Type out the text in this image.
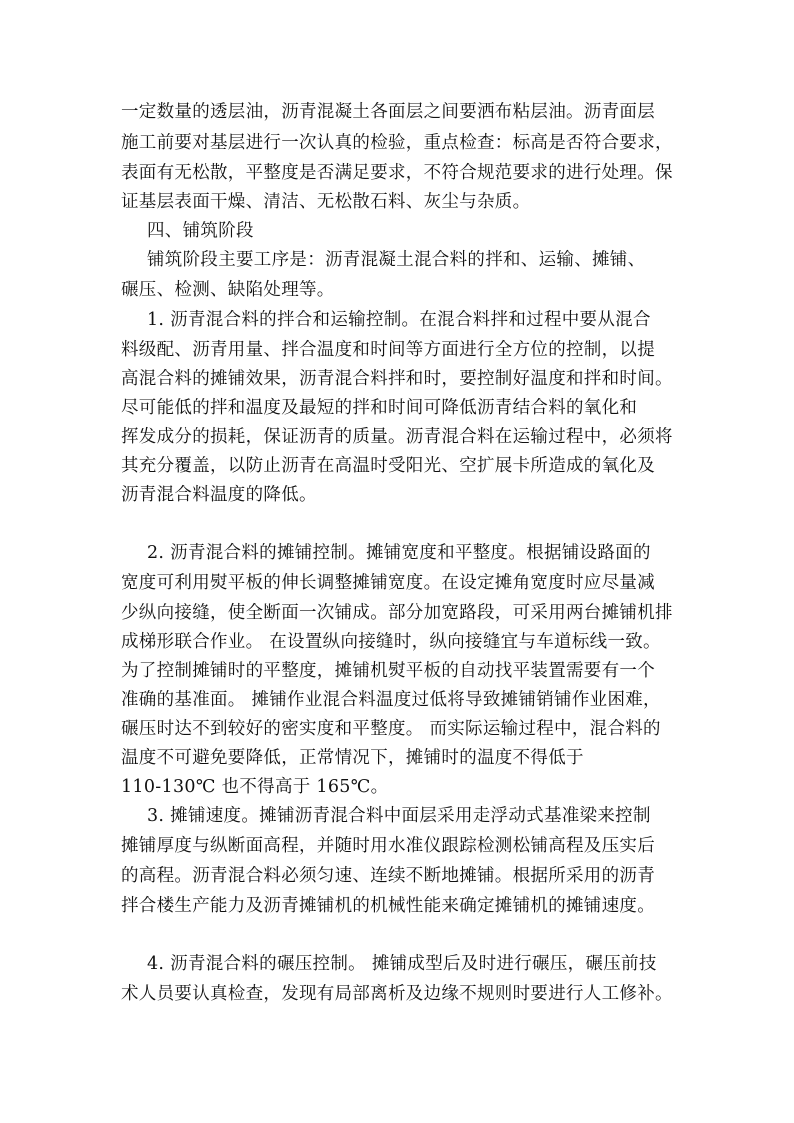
一定数量的透层油，沥青混凝土各面层之间要洒布粘层油。沥青面层
施工前要对基层进行一次认真的检验，重点检查：标高是否符合要求，
表面有无松散，平整度是否满足要求，不符合规范要求的进行处理。保
证基层表面干燥、清洁、无松散石料、灰尘与杂质。
四、铺筑阶段
铺筑阶段主要工序是：沥青混凝土混合料的拌和、运输、摊铺、
碾压、检测、缺陷处理等。
1. 沥青混合料的拌合和运输控制。在混合料拌和过程中要从混合
料级配、沥青用量、拌合温度和时间等方面进行全方位的控制，以提
高混合料的摊铺效果，沥青混合料拌和时，要控制好温度和拌和时间。
尽可能低的拌和温度及最短的拌和时间可降低沥青结合料的氧化和
挥发成分的损耗，保证沥青的质量。沥青混合料在运输过程中，必须将
其充分覆盖，以防止沥青在高温时受阳光、空扩展卡所造成的氧化及
沥青混合料温度的降低。
2. 沥青混合料的摊铺控制。摊铺宽度和平整度。根据铺设路面的
宽度可利用熨平板的伸长调整摊铺宽度。在设定摊角宽度时应尽量减
少纵向接缝，使全断面一次铺成。部分加宽路段，可采用两台摊铺机排
成梯形联合作业。 在设置纵向接缝时，纵向接缝宜与车道标线一致。
为了控制摊铺时的平整度，摊铺机熨平板的自动找平装置需要有一个
准确的基准面。 摊铺作业混合料温度过低将导致摊铺销铺作业困难，
碾压时达不到较好的密实度和平整度。 而实际运输过程中，混合料的
温度不可避免要降低，正常情况下，摊铺时的温度不得低于
110-130℃ 也不得高于 165℃。
3. 摊铺速度。摊铺沥青混合料中面层采用走浮动式基准梁来控制
摊铺厚度与纵断面高程，并随时用水准仪跟踪检测松铺高程及压实后
的高程。沥青混合料必须匀速、连续不断地摊铺。根据所采用的沥青
拌合楼生产能力及沥青摊铺机的机械性能来确定摊铺机的摊铺速度。
4. 沥青混合料的碾压控制。 摊铺成型后及时进行碾压，碾压前技
术人员要认真检查，发现有局部离析及边缘不规则时要进行人工修补。
